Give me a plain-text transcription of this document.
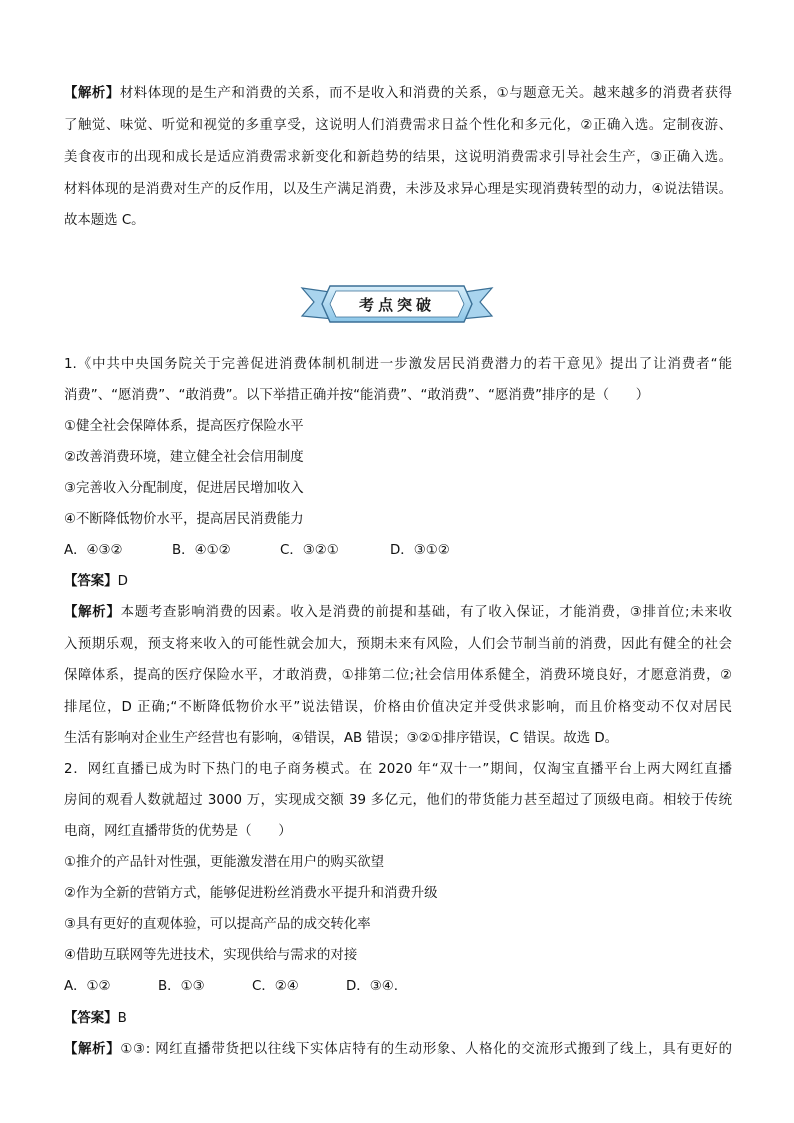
【解析】材料体现的是生产和消费的关系，而不是收入和消费的关系，①与题意无关。越来越多的消费者获得
了触觉、味觉、听觉和视觉的多重享受，这说明人们消费需求日益个性化和多元化，②正确入选。定制夜游、
美食夜市的出现和成长是适应消费需求新变化和新趋势的结果，这说明消费需求引导社会生产，③正确入选。
材料体现的是消费对生产的反作用，以及生产满足消费，未涉及求异心理是实现消费转型的动力，④说法错误。
故本题选 C。
考点突破
1.《中共中央国务院关于完善促进消费体制机制进一步激发居民消费潜力的若干意见》提出了让消费者“能
消费”、“愿消费”、“敢消费”。以下举措正确并按“能消费”、“敢消费”、“愿消费”排序的是（　　）
①健全社会保障体系，提高医疗保险水平
②改善消费环境，建立健全社会信用制度
③完善收入分配制度，促进居民增加收入
④不断降低物价水平，提高居民消费能力
A．④③②	B．④①②	C．③②①	D．③①②
【答案】D
【解析】本题考查影响消费的因素。收入是消费的前提和基础，有了收入保证，才能消费，③排首位;未来收
入预期乐观，预支将来收入的可能性就会加大，预期未来有风险，人们会节制当前的消费，因此有健全的社会
保障体系，提高的医疗保险水平，才敢消费，①排第二位;社会信用体系健全，消费环境良好，才愿意消费，②
排尾位，D 正确;“不断降低物价水平”说法错误，价格由价值决定并受供求影响，而且价格变动不仅对居民
生活有影响对企业生产经营也有影响，④错误，AB 错误；③②①排序错误，C 错误。故选 D。
2．网红直播已成为时下热门的电子商务模式。在 2020 年“双十一”期间，仅淘宝直播平台上两大网红直播
房间的观看人数就超过 3000 万，实现成交额 39 多亿元，他们的带货能力甚至超过了顶级电商。相较于传统
电商，网红直播带货的优势是（　　）
①推介的产品针对性强，更能激发潜在用户的购买欲望
②作为全新的营销方式，能够促进粉丝消费水平提升和消费升级
③具有更好的直观体验，可以提高产品的成交转化率
④借助互联网等先进技术，实现供给与需求的对接
A．①②	B．①③	C．②④	D．③④.
【答案】B
【解析】①③: 网红直播带货把以往线下实体店特有的生动形象、人格化的交流形式搬到了线上，具有更好的
